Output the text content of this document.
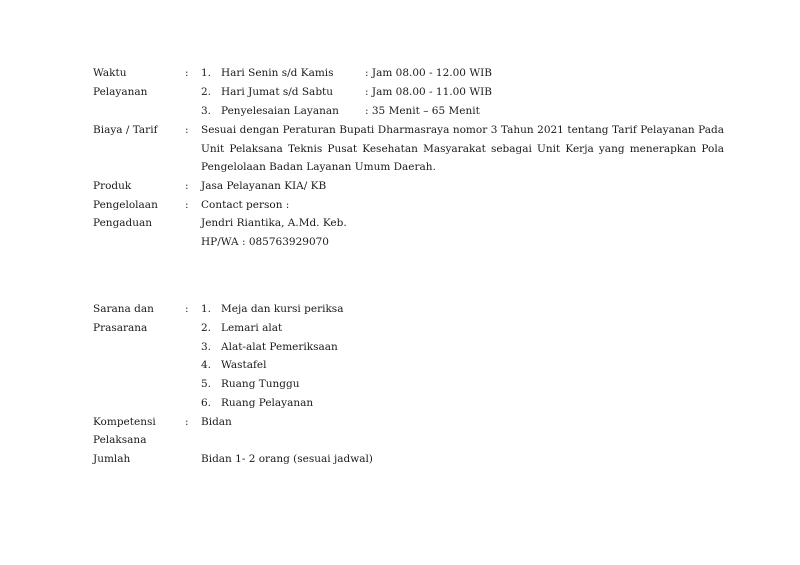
Waktu	:	1. Hari Senin s/d Kamis	: Jam 08.00 - 12.00 WIB
Pelayanan	2. Hari Jumat s/d Sabtu	: Jam 08.00 - 11.00 WIB
3. Penyelesaian Layanan : 35 Menit – 65 Menit
Biaya / Tarif	:	Sesuai dengan Peraturan Bupati Dharmasraya nomor 3 Tahun 2021 tentang Tarif Pelayanan Pada Unit Pelaksana Teknis Pusat Kesehatan Masyarakat sebagai Unit Kerja yang menerapkan Pola Pengelolaan Badan Layanan Umum Daerah.
Produk	:	Jasa Pelayanan KIA/ KB
Pengelolaan	:	Contact person :
Pengaduan	Jendri Riantika, A.Md. Keb.
HP/WA : 085763929070
Sarana dan	:	1. Meja dan kursi periksa
Prasarana	2. Lemari alat
3. Alat-alat Pemeriksaan
4. Wastafel
5. Ruang Tunggu
6. Ruang Pelayanan
Kompetensi	:	Bidan
Pelaksana
Jumlah	Bidan 1- 2 orang (sesuai jadwal)
